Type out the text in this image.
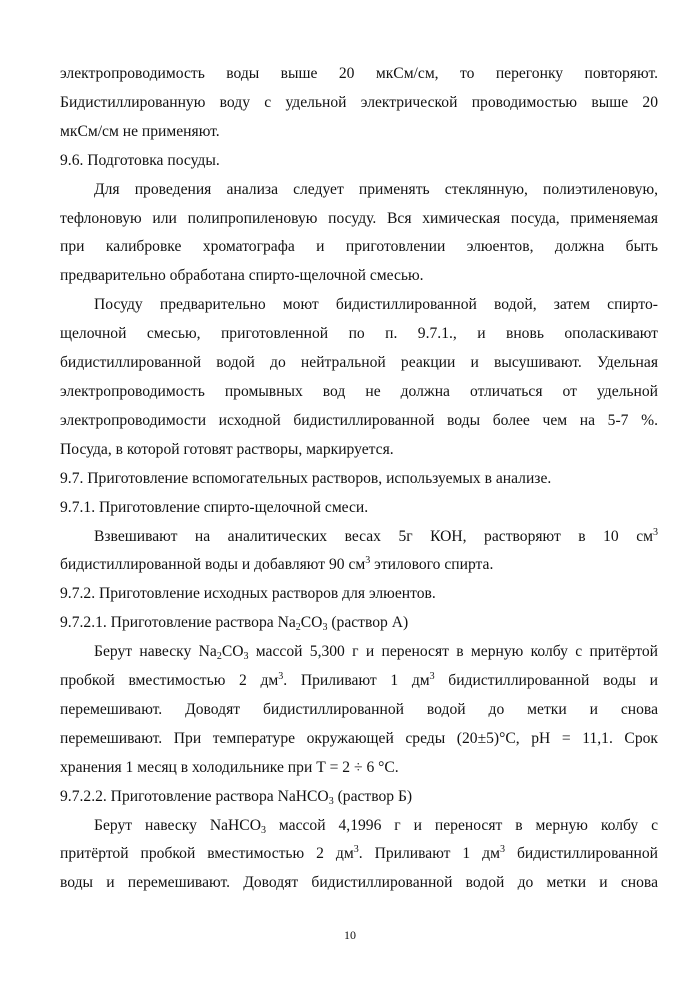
электропроводимость воды выше 20 мкСм/см, то перегонку повторяют.

Бидистиллированную воду с удельной электрической проводимостью выше 20

мкСм/см не применяют.

9.6. Подготовка посуды.

Для проведения анализа следует применять стеклянную, полиэтиленовую,

тефлоновую или полипропиленовую посуду. Вся химическая посуда, применяемая

при калибровке хроматографа и приготовлении элюентов, должна быть

предварительно обработана спирто-щелочной смесью.

Посуду предварительно моют бидистиллированной водой, затем спирто-

щелочной смесью, приготовленной по п. 9.7.1., и вновь ополаскивают

бидистиллированной водой до нейтральной реакции и высушивают. Удельная

электропроводимость промывных вод не должна отличаться от удельной

электропроводимости исходной бидистиллированной воды более чем на 5-7 %.

Посуда, в которой готовят растворы, маркируется.

9.7. Приготовление вспомогательных растворов, используемых в анализе.

9.7.1. Приготовление спирто-щелочной смеси.

Взвешивают на аналитических весах 5г КОН, растворяют в 10 $см^3$

бидистиллированной воды и добавляют 90 $см^3$ этилового спирта.

9.7.2. Приготовление исходных растворов для элюентов.

9.7.2.1. Приготовление раствора $Na_2CO_3$ (раствор А)

Берут навеску $Na_2CO_3$ массой 5,300 г и переносят в мерную колбу с притёртой

пробкой вместимостью 2 $дм^3$. Приливают 1 $дм^3$ бидистиллированной воды и

перемешивают. Доводят бидистиллированной водой до метки и снова

перемешивают. При температуре окружающей среды (20±5)°С, pH = 11,1. Срок

хранения 1 месяц в холодильнике при Т = 2 ÷ 6 °С.

9.7.2.2. Приготовление раствора NaHCO$_3$ (раствор Б)

Берут навеску NaHCO$_3$ массой 4,1996 г и переносят в мерную колбу с

притёртой пробкой вместимостью 2 $дм^3$. Приливают 1 $дм^3$ бидистиллированной

воды и перемешивают. Доводят бидистиллированной водой до метки и снова

10
